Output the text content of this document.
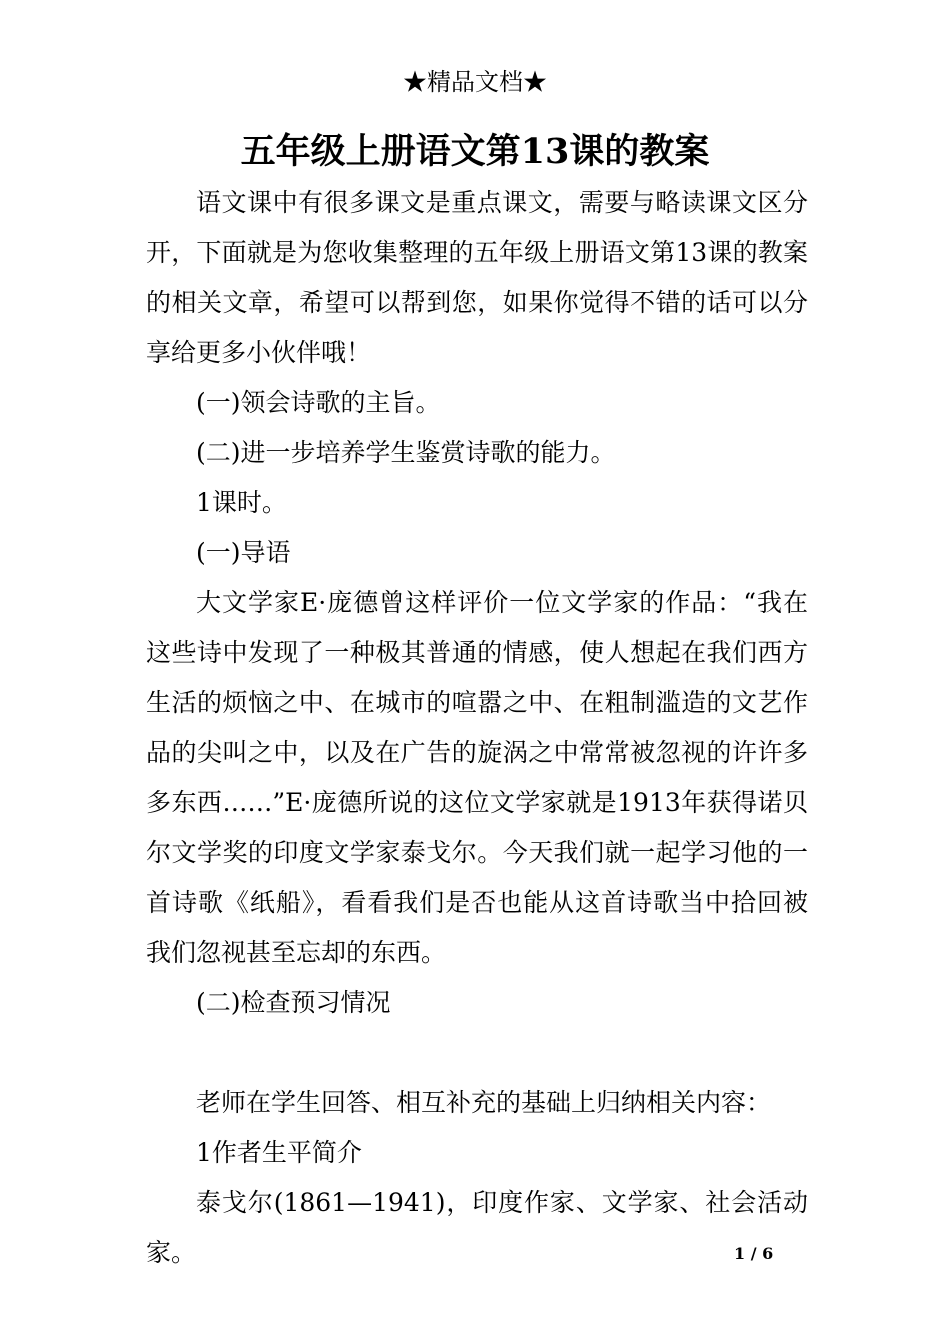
★精品文档★
五年级上册语文第13课的教案

语文课中有很多课文是重点课文，需要与略读课文区分开，下面就是为您收集整理的五年级上册语文第13课的教案的相关文章，希望可以帮到您，如果你觉得不错的话可以分享给更多小伙伴哦！

(一)领会诗歌的主旨。

(二)进一步培养学生鉴赏诗歌的能力。

1课时。

(一)导语

大文学家E·庞德曾这样评价一位文学家的作品：“我在这些诗中发现了一种极其普通的情感，使人想起在我们西方生活的烦恼之中、在城市的喧嚣之中、在粗制滥造的文艺作品的尖叫之中，以及在广告的旋涡之中常常被忽视的许许多多东西……”E·庞德所说的这位文学家就是1913年获得诺贝尔文学奖的印度文学家泰戈尔。今天我们就一起学习他的一首诗歌《纸船》，看看我们是否也能从这首诗歌当中拾回被我们忽视甚至忘却的东西。

(二)检查预习情况

老师在学生回答、相互补充的基础上归纳相关内容：

1作者生平简介

泰戈尔(1861—1941)，印度作家、文学家、社会活动家。	1 / 6
